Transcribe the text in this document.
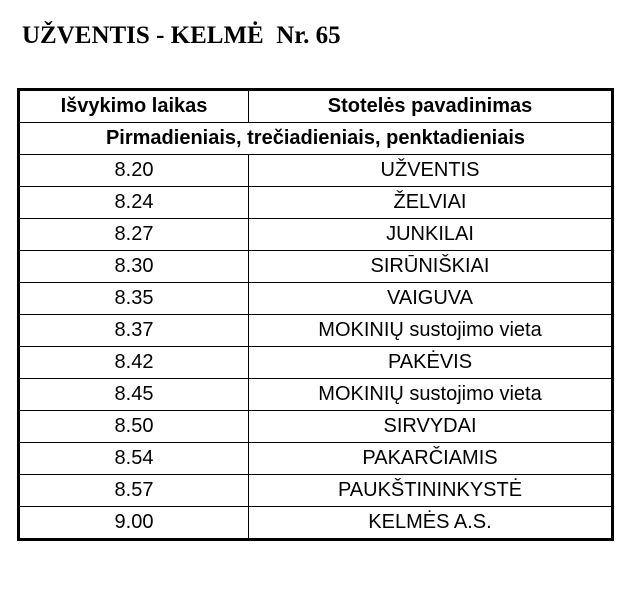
UŽVENTIS - KELMĖ  Nr. 65
Išvykimo laikas	Stotelės pavadinimas
Pirmadieniais, trečiadieniais, penktadieniais	
8.20	UŽVENTIS
8.24	ŽELVIAI
8.27	JUNKILAI
8.30	SIRŪNIŠKIAI
8.35	VAIGUVA
8.37	MOKINIŲ sustojimo vieta
8.42	PAKĖVIS
8.45	MOKINIŲ sustojimo vieta
8.50	SIRVYDAI
8.54	PAKARČIAMIS
8.57	PAUKŠTININKYSTĖ
9.00	KELMĖS A.S.
